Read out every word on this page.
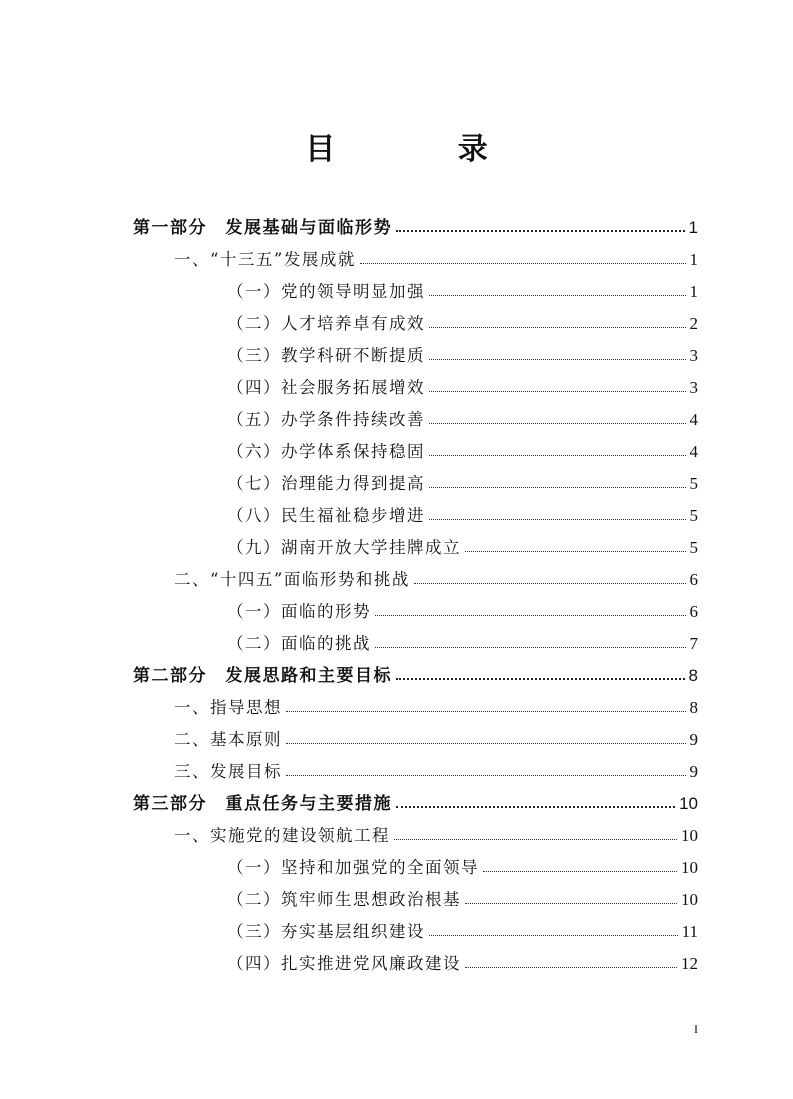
目 录
第一部分　发展基础与面临形势	1
一、“十三五”发展成就	1
（一）党的领导明显加强	1
（二）人才培养卓有成效	2
（三）教学科研不断提质	3
（四）社会服务拓展增效	3
（五）办学条件持续改善	4
（六）办学体系保持稳固	4
（七）治理能力得到提高	5
（八）民生福祉稳步增进	5
（九）湖南开放大学挂牌成立	5
二、“十四五”面临形势和挑战	6
（一）面临的形势	6
（二）面临的挑战	7
第二部分　发展思路和主要目标	8
一、指导思想	8
二、基本原则	9
三、发展目标	9
第三部分　重点任务与主要措施	10
一、实施党的建设领航工程	10
（一）坚持和加强党的全面领导	10
（二）筑牢师生思想政治根基	10
（三）夯实基层组织建设	11
（四）扎实推进党风廉政建设	12
I
